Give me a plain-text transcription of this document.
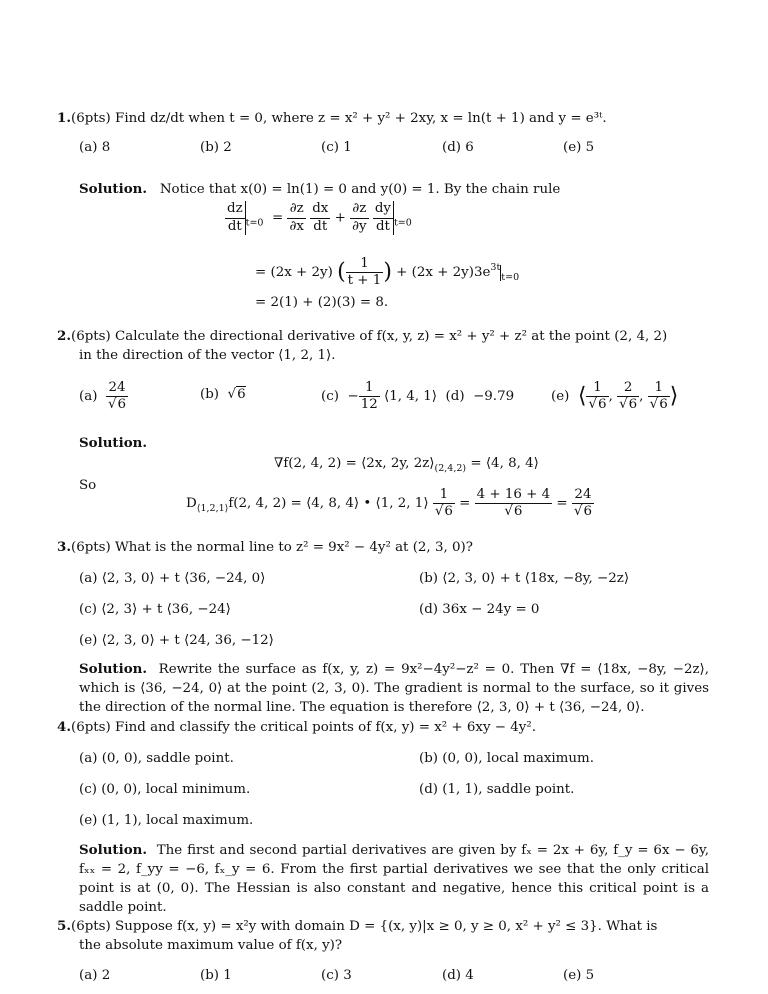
1.(6pts) Find dz/dt when t = 0, where z = x² + y² + 2xy, x = ln(t + 1) and y = e³ᵗ.
(a) 8	(b) 2	(c) 1	(d) 6	(e) 5
Solution. Notice that x(0) = ln(1) = 0 and y(0) = 1. By the chain rule
$\frac{dz}{dt} _{t=0} = \frac{\partial z}{\partial x}$
$\frac{dx}{dt} + \frac{\partial z}{\partial y}$
$\frac{dy}{dt} _{t=0}$
= (2x + 2y) ( $\frac{1}{t + 1}$ ) + $(2x + 2y)3e^{3t}_{t=0}$
= 2(1) + (2)(3) = 8.
2.(6pts) Calculate the directional derivative of f(x, y, z) = x² + y² + z² at the point (2, 4, 2)
in the direction of the vector ⟨1, 2, 1⟩.
$(a) \frac{24}{√6}$	(b)  √6	$(c) - \frac{1}{12}$ ⟨1, 4, 1⟩  (d)  −9.79	(e)  ⟨ $\frac{1}{√6}$ , $\frac{2}{√6}$ , $\frac{1}{√6}$ ⟩
Solution.
∇f(2, 4, 2) = ⟨2x, 2y, $2z⟩_{(2,4,2)}$ = ⟨4, 8, 4⟩
So
$D_{⟨1,2,1⟩}f(2$, 4, 2) = ⟨4, 8, 4⟩ • ⟨1, 2, 1⟩ $\frac{1}{√6} = \frac{4 + 16 + 4}{√6} = \frac{24}{√6}$
3.(6pts) What is the normal line to z² = 9x² − 4y² at (2, 3, 0)?
(a) ⟨2, 3, 0⟩ + t ⟨36, −24, 0⟩	(b) ⟨2, 3, 0⟩ + t ⟨18x, −8y, −2z⟩
(c) ⟨2, 3⟩ + t ⟨36, −24⟩	(d) 36x − 24y = 0
(e) ⟨2, 3, 0⟩ + t ⟨24, 36, −12⟩
Solution. Rewrite the surface as f(x, y, z) = 9x²−4y²−z² = 0. Then ∇f = ⟨18x, −8y, −2z⟩, which is ⟨36, −24, 0⟩ at the point (2, 3, 0). The gradient is normal to the surface, so it gives the direction of the normal line. The equation is therefore ⟨2, 3, 0⟩ + t ⟨36, −24, 0⟩.
4.(6pts) Find and classify the critical points of f(x, y) = x² + 6xy − 4y².
(a) (0, 0), saddle point.	(b) (0, 0), local maximum.
(c) (0, 0), local minimum.	(d) (1, 1), saddle point.
(e) (1, 1), local maximum.
Solution. The first and second partial derivatives are given by fₓ = 2x + 6y, f_y = 6x − 6y, fₓₓ = 2, f_yy = −6, fₓ_y = 6. From the first partial derivatives we see that the only critical point is at (0, 0). The Hessian is also constant and negative, hence this critical point is a saddle point.
5.(6pts) Suppose f(x, y) = x²y with domain D = {(x, y)|x ≥ 0, y ≥ 0, x² + y² ≤ 3}. What is
the absolute maximum value of f(x, y)?
(a) 2	(b) 1	(c) 3	(d) 4	(e) 5
